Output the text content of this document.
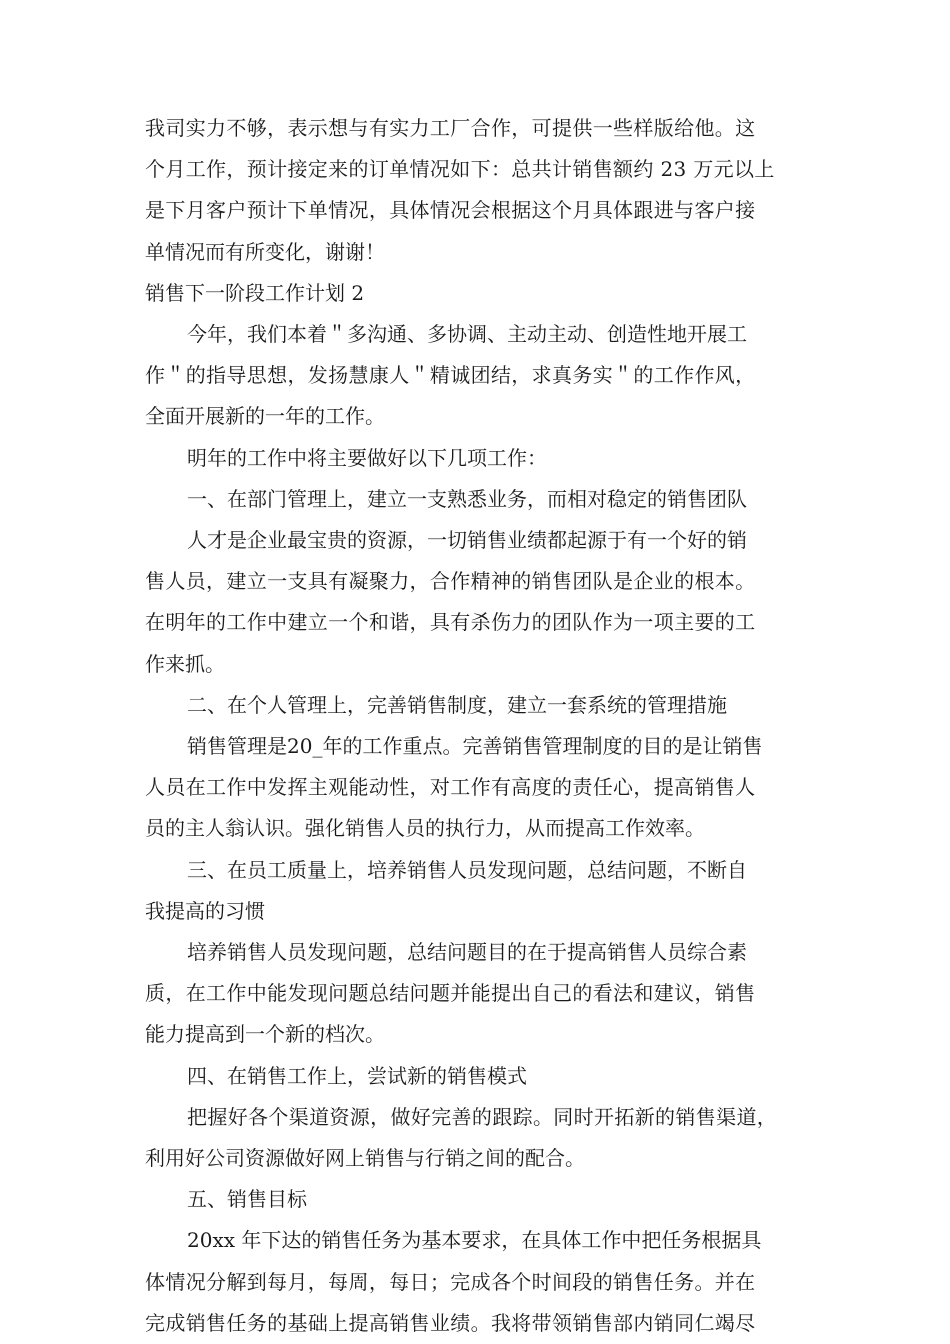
我司实力不够，表示想与有实力工厂合作，可提供一些样版给他。这
个月工作，预计接定来的订单情况如下：总共计销售额约 23 万元以上
是下月客户预计下单情况，具体情况会根据这个月具体跟进与客户接
单情况而有所变化，谢谢！
销售下一阶段工作计划 2
今年，我们本着＂多沟通、多协调、主动主动、创造性地开展工
作＂的指导思想，发扬慧康人＂精诚团结，求真务实＂的工作作风，
全面开展新的一年的工作。
明年的工作中将主要做好以下几项工作：
一、在部门管理上，建立一支熟悉业务，而相对稳定的销售团队
人才是企业最宝贵的资源，一切销售业绩都起源于有一个好的销
售人员，建立一支具有凝聚力，合作精神的销售团队是企业的根本。
在明年的工作中建立一个和谐，具有杀伤力的团队作为一项主要的工
作来抓。
二、在个人管理上，完善销售制度，建立一套系统的管理措施
销售管理是20_年的工作重点。完善销售管理制度的目的是让销售
人员在工作中发挥主观能动性，对工作有高度的责任心，提高销售人
员的主人翁认识。强化销售人员的执行力，从而提高工作效率。
三、在员工质量上，培养销售人员发现问题，总结问题，不断自
我提高的习惯
培养销售人员发现问题，总结问题目的在于提高销售人员综合素
质，在工作中能发现问题总结问题并能提出自己的看法和建议，销售
能力提高到一个新的档次。
四、在销售工作上，尝试新的销售模式
把握好各个渠道资源，做好完善的跟踪。同时开拓新的销售渠道，
利用好公司资源做好网上销售与行销之间的配合。
五、销售目标
20xx 年下达的销售任务为基本要求，在具体工作中把任务根据具
体情况分解到每月，每周，每日；完成各个时间段的销售任务。并在
完成销售任务的基础上提高销售业绩。我将带领销售部内销同仁竭尽
